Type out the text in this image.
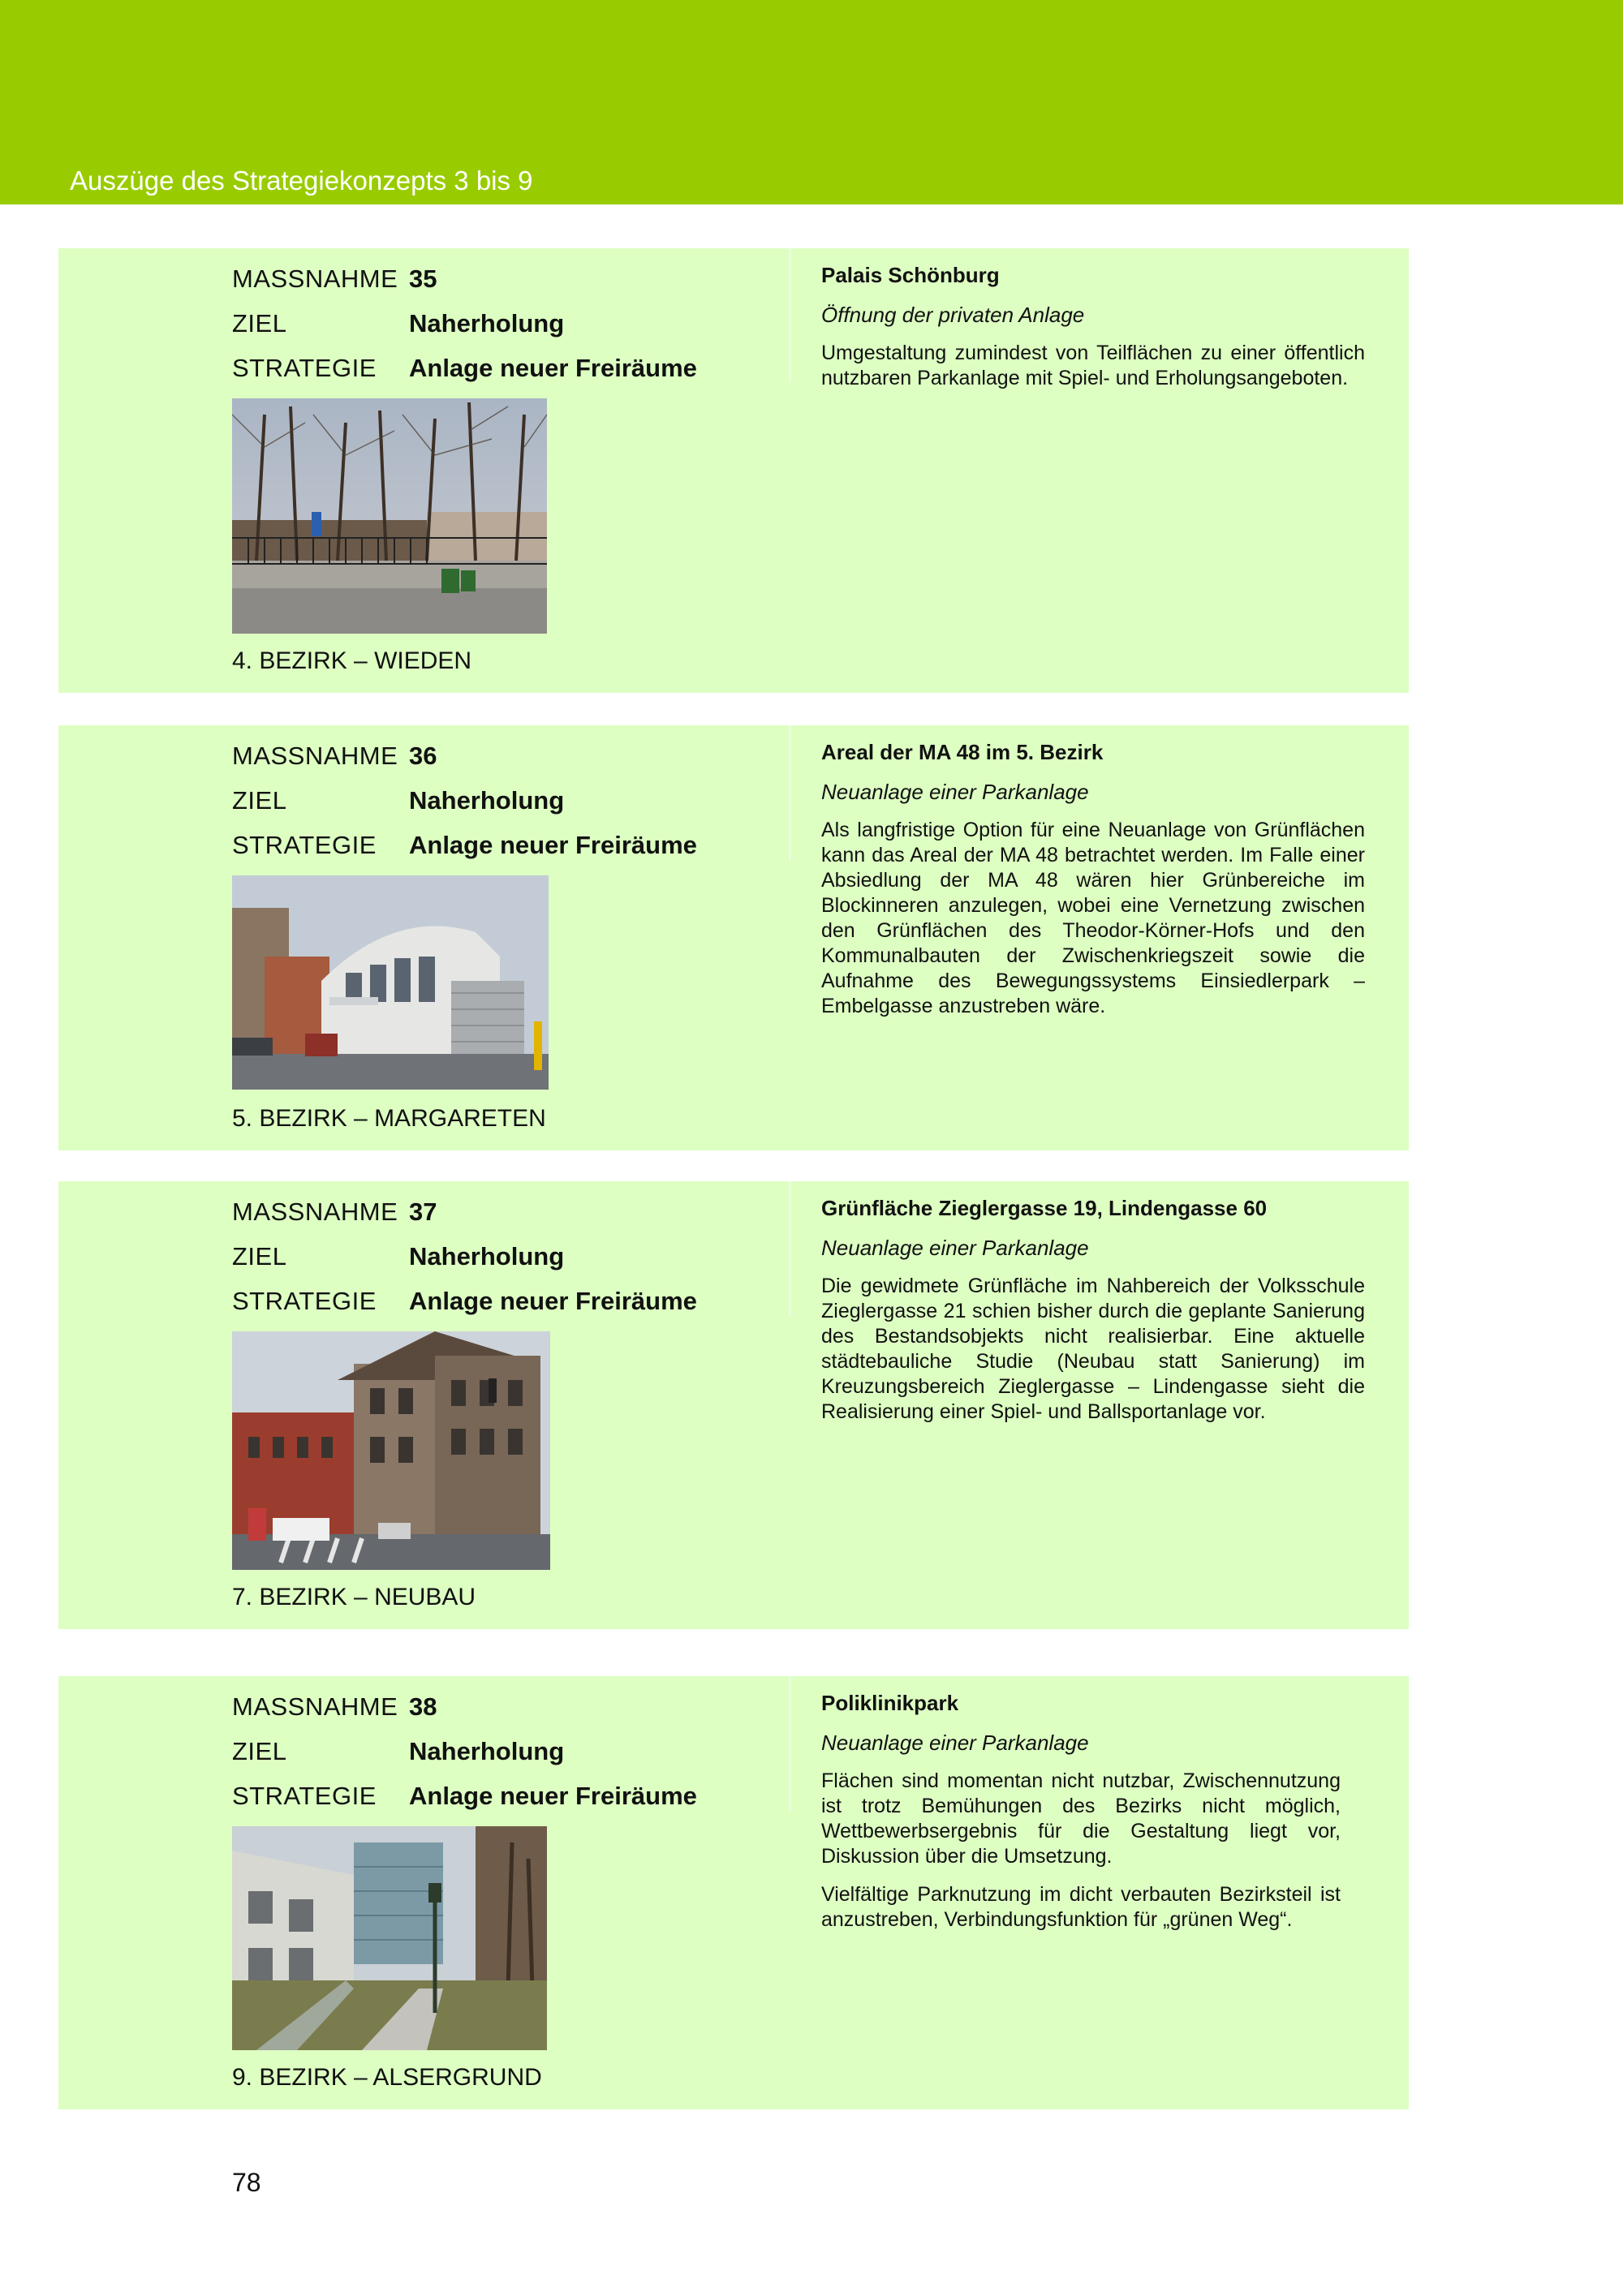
Auszüge des Strategiekonzepts 3 bis 9
MASSNAHME 35
ZIEL	Naherholung
STRATEGIE Anlage neuer Freiräume
4. BEZIRK – WIEDEN
Palais Schönburg
Öffnung der privaten Anlage

Umgestaltung zumindest von Teilflächen zu einer öffentlich nutzbaren Parkanlage mit Spiel- und Erholungsangeboten.

MASSNAHME 36
ZIEL	Naherholung
STRATEGIE Anlage neuer Freiräume
5. BEZIRK – MARGARETEN
Areal der MA 48 im 5. Bezirk
Neuanlage einer Parkanlage

Als langfristige Option für eine Neuanlage von Grünflächen kann das Areal der MA 48 betrachtet werden. Im Falle einer Absiedlung der MA 48 wären hier Grünbereiche im Blockinneren anzulegen, wobei eine Vernetzung zwischen den Grünflächen des Theodor-Körner-Hofs und den Kommunalbauten der Zwischenkriegszeit sowie die Aufnahme des Bewegungssystems Einsiedlerpark – Embelgasse anzustreben wäre.

MASSNAHME 37
ZIEL	Naherholung
STRATEGIE Anlage neuer Freiräume
7. BEZIRK – NEUBAU
Grünfläche Zieglergasse 19, Lindengasse 60
Neuanlage einer Parkanlage

Die gewidmete Grünfläche im Nahbereich der Volksschule Zieglergasse 21 schien bisher durch die geplante Sanierung des Bestandsobjekts nicht realisierbar. Eine aktuelle städtebauliche Studie (Neubau statt Sanierung) im Kreuzungsbereich Zieglergasse – Lindengasse sieht die Realisierung einer Spiel- und Ballsportanlage vor.

MASSNAHME 38
ZIEL	Naherholung
STRATEGIE Anlage neuer Freiräume
9. BEZIRK – ALSERGRUND
Poliklinikpark
Neuanlage einer Parkanlage

Flächen sind momentan nicht nutzbar, Zwischennutzung ist trotz Bemühungen des Bezirks nicht möglich, Wettbewerbsergebnis für die Gestaltung liegt vor, Diskussion über die Umsetzung.

Vielfältige Parknutzung im dicht verbauten Bezirksteil ist anzustreben, Verbindungsfunktion für „grünen Weg“.

78
